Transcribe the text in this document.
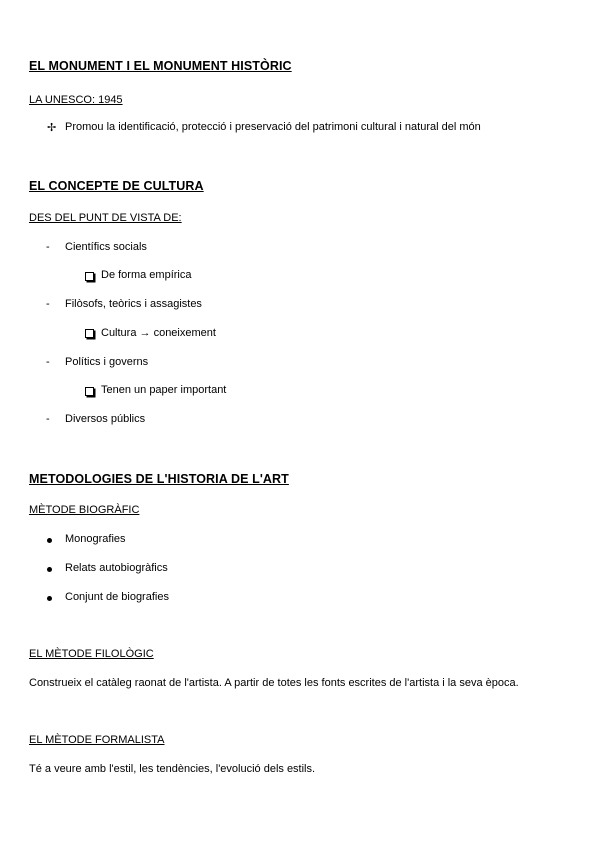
EL MONUMENT I EL MONUMENT HISTÒRIC
LA UNESCO: 1945
✢ Promou la identificació, protecció i preservació del patrimoni cultural i natural del món
EL CONCEPTE DE CULTURA
DES DEL PUNT DE VISTA DE:
- Científics socials
De forma empírica
- Filòsofs, teòrics i assagistes
Cultura → coneixement
- Polítics i governs
Tenen un paper important
- Diversos públics
METODOLOGIES DE L'HISTORIA DE L'ART
MÈTODE BIOGRÀFIC
Monografies
Relats autobiogràfics
Conjunt de biografies
EL MÈTODE FILOLÒGIC
Construeix el catàleg raonat de l'artista. A partir de totes les fonts escrites de l'artista i la seva època.
EL MÈTODE FORMALISTA
Té a veure amb l'estil, les tendències, l'evolució dels estils.
